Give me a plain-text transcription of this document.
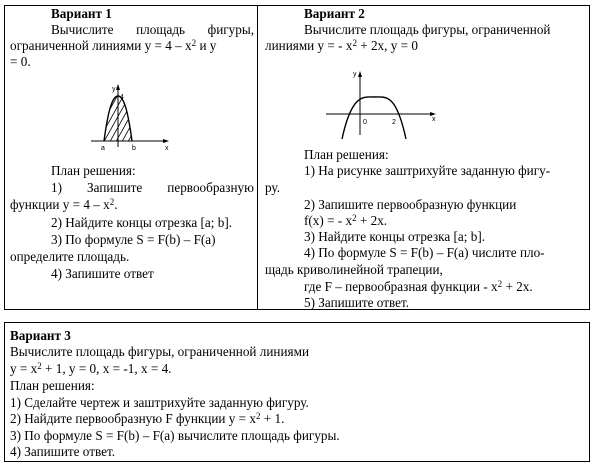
Вариант 1
Вычислите площадь фигуры,
ограниченной линиями $y = 4 - x^2$ и y
= 0.
y
4
a	b	x
План решения:
1) Запишите первообразную
функции $y = 4 - x^2$.
2) Найдите концы отрезка [a; b].
3) По формуле S = F(b) – F(a)
определите площадь.
4) Запишите ответ
Вариант 2
Вычислите площадь фигуры, ограниченной
линиями y = - $x^2 + 2x$, y = 0
y
0	2	x
План решения:
1) На рисунке заштрихуйте заданную фигу-
ру.
2) Запишите первообразную функции
f(x) = - $x^2 + 2x$.
3) Найдите концы отрезка [a; b].
4) По формуле S = F(b) – F(a) числите пло-
щадь криволинейной трапеции,
где F – первообразная функции - $x^2 + 2x$.
5) Запишите ответ.
Вариант 3
Вычислите площадь фигуры, ограниченной линиями
$y = x^2 + 1$, y = 0, x = -1, x = 4.
План решения:
1) Сделайте чертеж и заштрихуйте заданную фигуру.
2) Найдите первообразную F функции $y = x^2 + 1$.
3) По формуле S = F(b) – F(a) вычислите площадь фигуры.
4) Запишите ответ.
